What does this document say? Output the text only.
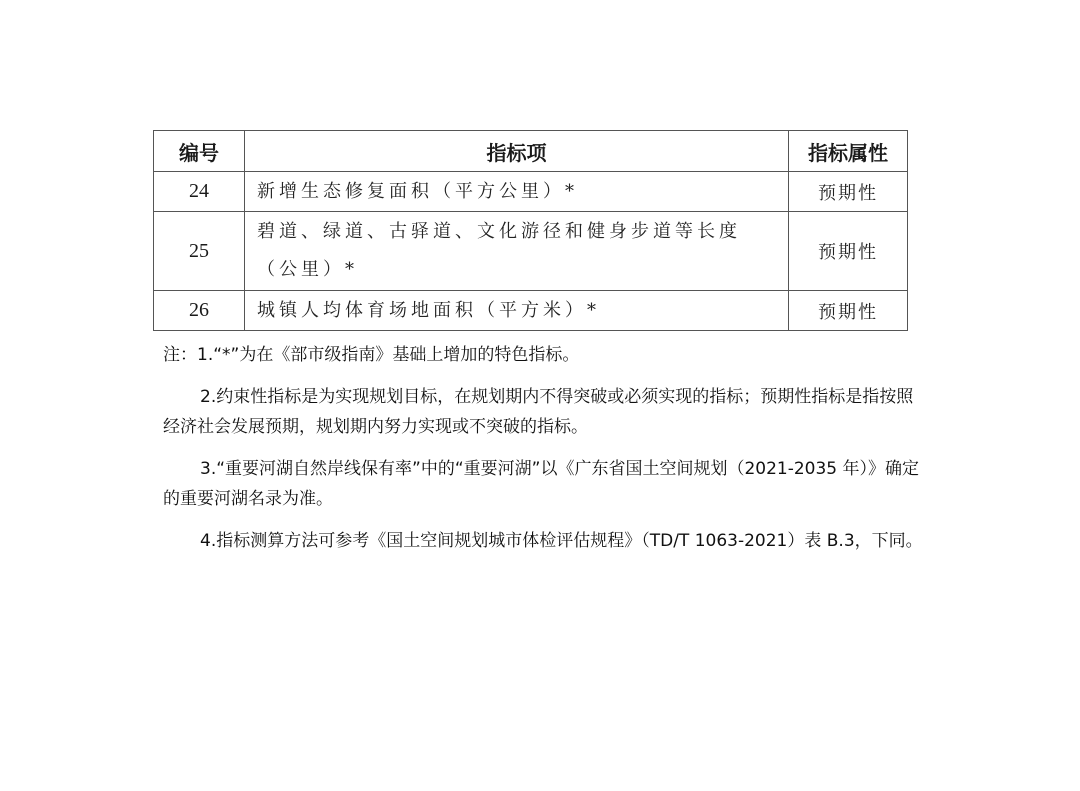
编号	指标项	指标属性
24	新增生态修复面积（平方公里）*	预期性
25	碧道、绿道、古驿道、文化游径和健身步道等长度（公里）*	预期性
26	城镇人均体育场地面积（平方米）*	预期性

注：1.“*”为在《部市级指南》基础上增加的特色指标。

2.约束性指标是为实现规划目标，在规划期内不得突破或必须实现的指标；预期性指标是指按照经济社会发展预期，规划期内努力实现或不突破的指标。

3.“重要河湖自然岸线保有率”中的“重要河湖”以《广东省国土空间规划（2021-2035 年）》确定的重要河湖名录为准。

4.指标测算方法可参考《国土空间规划城市体检评估规程》（TD/T 1063-2021）表 B.3，下同。
